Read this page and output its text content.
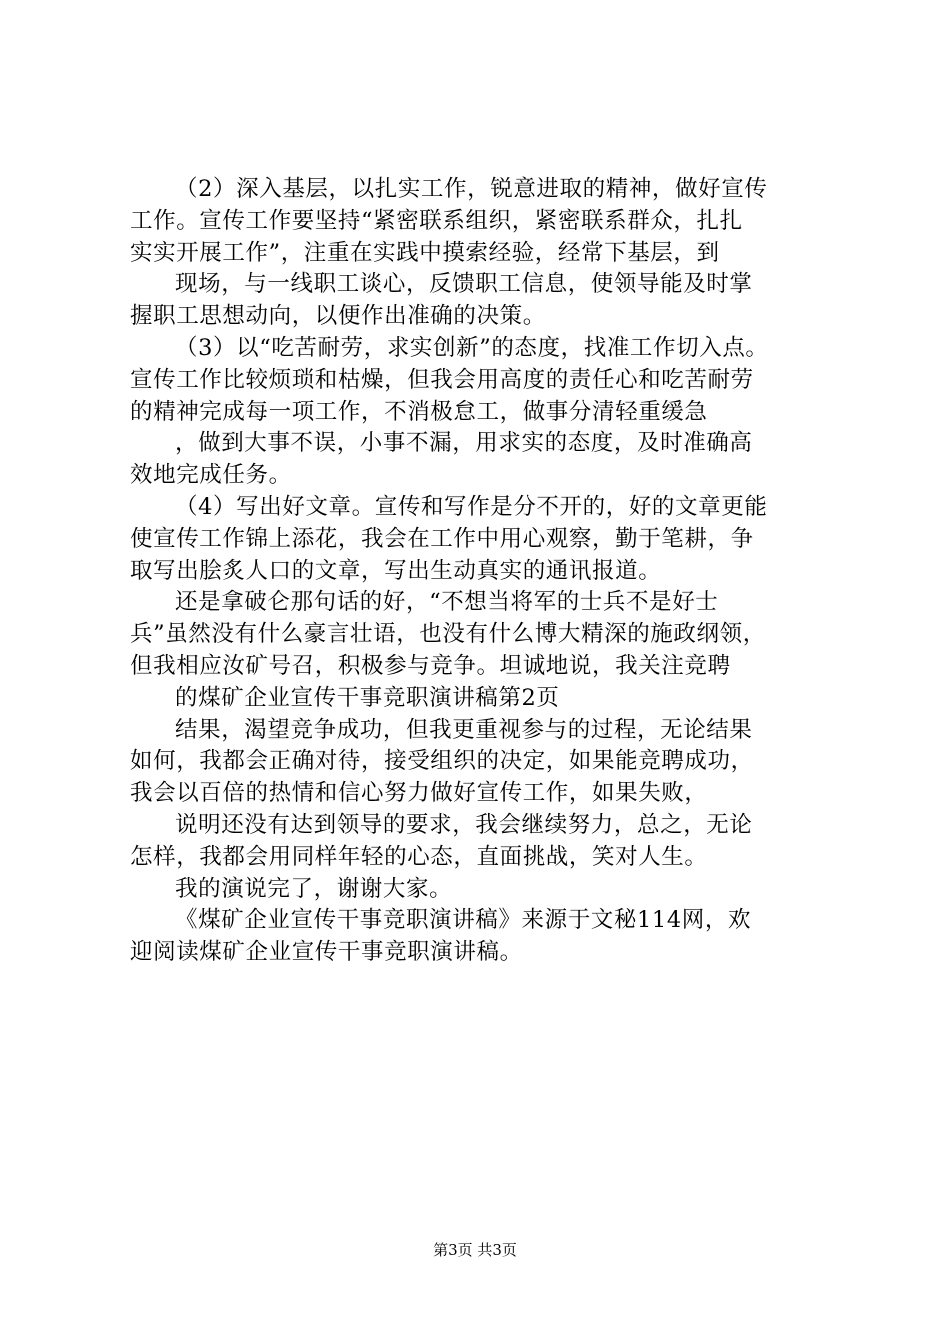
（2）深入基层，以扎实工作，锐意进取的精神，做好宣传
工作。宣传工作要坚持“紧密联系组织，紧密联系群众，扎扎
实实开展工作”，注重在实践中摸索经验，经常下基层，到
现场，与一线职工谈心，反馈职工信息，使领导能及时掌
握职工思想动向，以便作出准确的决策。
（3）以“吃苦耐劳，求实创新”的态度，找准工作切入点。
宣传工作比较烦琐和枯燥，但我会用高度的责任心和吃苦耐劳
的精神完成每一项工作，不消极怠工，做事分清轻重缓急
，做到大事不误，小事不漏，用求实的态度，及时准确高
效地完成任务。
（4）写出好文章。宣传和写作是分不开的，好的文章更能
使宣传工作锦上添花，我会在工作中用心观察，勤于笔耕，争
取写出脍炙人口的文章，写出生动真实的通讯报道。
还是拿破仑那句话的好，“不想当将军的士兵不是好士
兵”虽然没有什么豪言壮语，也没有什么博大精深的施政纲领，
但我相应汝矿号召，积极参与竞争。坦诚地说，我关注竞聘
的煤矿企业宣传干事竞职演讲稿第2页
结果，渴望竞争成功，但我更重视参与的过程，无论结果
如何，我都会正确对待，接受组织的决定，如果能竞聘成功，
我会以百倍的热情和信心努力做好宣传工作，如果失败，
说明还没有达到领导的要求，我会继续努力，总之，无论
怎样，我都会用同样年轻的心态，直面挑战，笑对人生。
我的演说完了，谢谢大家。
《煤矿企业宣传干事竞职演讲稿》来源于文秘114网，欢
迎阅读煤矿企业宣传干事竞职演讲稿。
第3页 共3页
